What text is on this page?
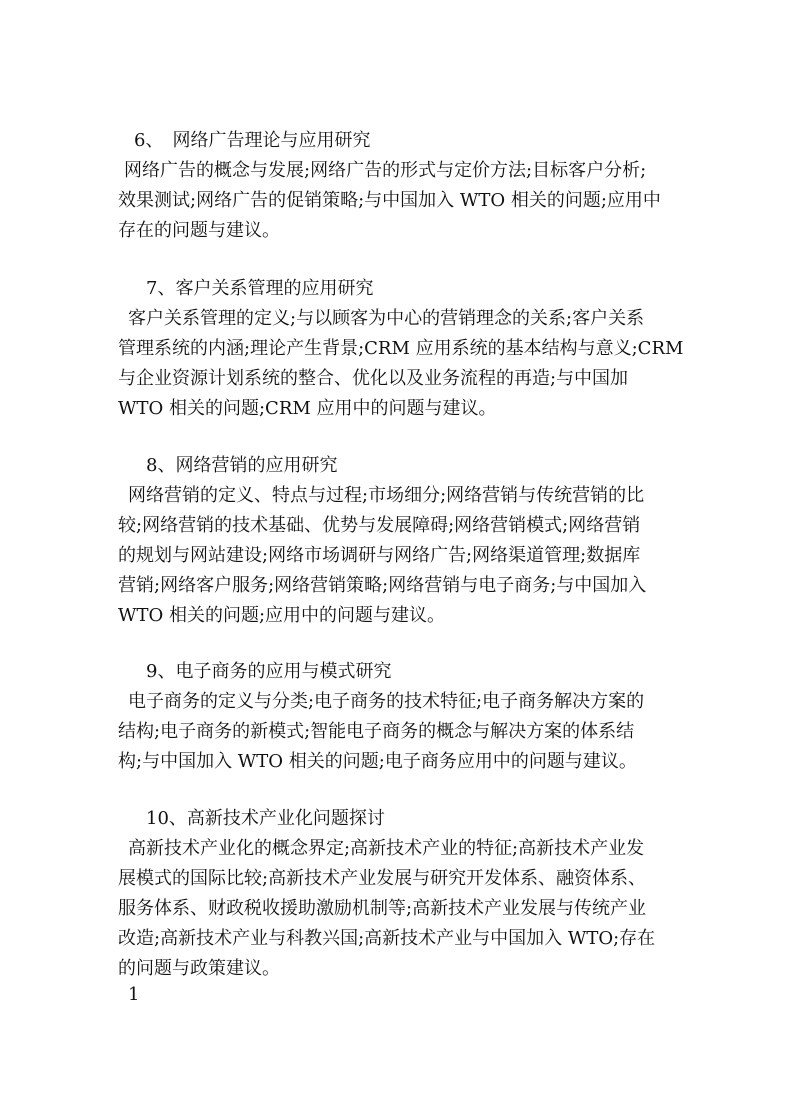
6、　网络广告理论与应用研究
网络广告的概念与发展;网络广告的形式与定价方法;目标客户分析;
效果测试;网络广告的促销策略;与中国加入 WTO 相关的问题;应用中
存在的问题与建议。
7、客户关系管理的应用研究
客户关系管理的定义;与以顾客为中心的营销理念的关系;客户关系
管理系统的内涵;理论产生背景;CRM 应用系统的基本结构与意义;CRM
与企业资源计划系统的整合、优化以及业务流程的再造;与中国加
WTO 相关的问题;CRM 应用中的问题与建议。
8、网络营销的应用研究
网络营销的定义、特点与过程;市场细分;网络营销与传统营销的比
较;网络营销的技术基础、优势与发展障碍;网络营销模式;网络营销
的规划与网站建设;网络市场调研与网络广告;网络渠道管理;数据库
营销;网络客户服务;网络营销策略;网络营销与电子商务;与中国加入
WTO 相关的问题;应用中的问题与建议。
9、电子商务的应用与模式研究
电子商务的定义与分类;电子商务的技术特征;电子商务解决方案的
结构;电子商务的新模式;智能电子商务的概念与解决方案的体系结
构;与中国加入 WTO 相关的问题;电子商务应用中的问题与建议。
10、高新技术产业化问题探讨
高新技术产业化的概念界定;高新技术产业的特征;高新技术产业发
展模式的国际比较;高新技术产业发展与研究开发体系、融资体系、
服务体系、财政税收援助激励机制等;高新技术产业发展与传统产业
改造;高新技术产业与科教兴国;高新技术产业与中国加入 WTO;存在
的问题与政策建议。
1
